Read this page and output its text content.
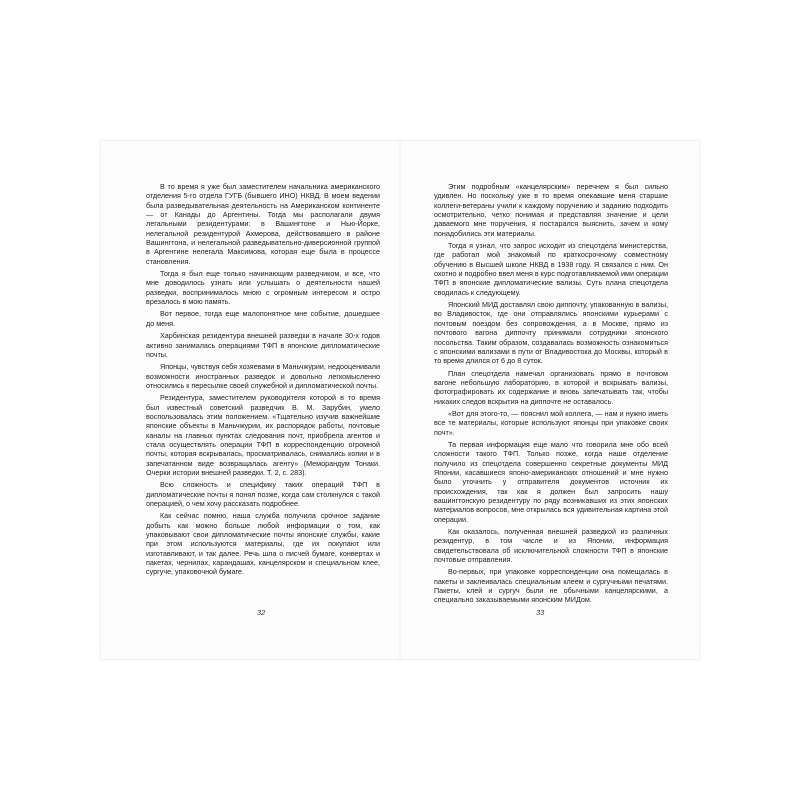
В то время я уже был заместителем начальника американского отделения 5-го отдела ГУГБ (бывшего ИНО) НКВД. В моем ведении была разведывательная деятельность на Американском континенте — от Канады до Аргентины. Тогда мы располагали двумя легальными резидентурами: в Вашингтоне и Нью-Йорке, нелегальной резидентурой Ахмерова, действовавшего в районе Вашингтона, и нелегальной разведывательно-диверсионной группой в Аргентине нелегала Максимова, которая еще была в процессе становления.

Тогда я был еще только начинающим разведчиком, и все, что мне доводилось узнать или услышать о деятельности нашей разведки, воспринималось мною с огромным интересом и остро врезалось в мою память.

Вот первое, тогда еще малопонятное мне событие, дошедшее до меня.

Харбинская резидентура внешней разведки в начале 30-х годов активно занималась операциями ТФП в японские дипломатические почты.

Японцы, чувствуя себя хозяевами в Маньчжурии, недооценивали возможности иностранных разведок и довольно легкомысленно относились к пересылке своей служебной и дипломатической почты.

Резидентура, заместителем руководителя которой в то время был известный советский разведчик В. М. Зарубин, умело воспользовалась этим положением. «Тщательно изучив важнейшие японские объекты в Маньчжурии, их распорядок работы, почтовые каналы на главных пунктах следования почт, приобрела агентов и стала осуществлять операции ТФП в корреспонденцию огромной почты, которая вскрывалась, просматривалась, снимались копии и в запечатанном виде возвращалась агенту» (Меморандум Тонаки. Очерки истории внешней разведки. Т. 2, с. 283).

Всю сложность и специфику таких операций ТФП в дипломатические почты я понял позже, когда сам столкнулся с такой операцией, о чем хочу рассказать подробнее.

Как сейчас помню, наша служба получила срочное задание добыть как можно больше любой информации о том, как упаковывают свои дипломатические почты японские службы, какие при этом используются материалы, где их покупают или изготавливают, и так далее. Речь шла о писчей бумаге, конвертах и пакетах, чернилах, карандашах, канцелярском и специальном клее, сургуче, упаковочной бумаге.

32

Этим подробным «канцелярским» перечнем я был сильно удивлен. Но поскольку уже в то время опекавшие меня старшие коллеги-ветераны учили к каждому поручению и заданию подходить осмотрительно, четко понимая и представляя значение и цели даваемого мне поручения, я постарался выяснить, зачем и кому понадобились эти материалы.

Тогда я узнал, что запрос исходит из спецотдела министерства, где работал мой знакомый по краткосрочному совместному обучению в Высшей школе НКВД в 1938 году. Я связался с ним. Он охотно и подробно ввел меня в курс подготавливаемой ими операции ТФП в японские дипломатические вализы. Суть плана спецотдела сводилась к следующему.

Японский МИД доставлял свою диппочту, упакованную в вализы, во Владивосток, где они отправлялись японскими курьерами с почтовым поездом без сопровождения, а в Москве, прямо из почтового вагона диппочту принимали сотрудники японского посольства. Таким образом, создавалась возможность ознакомиться с японскими вализами в пути от Владивостока до Москвы, который в то время длился от 6 до 8 суток.

План спецотдела намечал организовать прямо в почтовом вагоне небольшую лабораторию, в которой и вскрывать вализы, фотографировать их содержание и вновь запечатывать так, чтобы никаких следов вскрытия на диппочте не оставалось.

«Вот для этого-то, — пояснил мой коллега, — нам и нужно иметь все те материалы, которые используют японцы при упаковке своих почт».

Та первая информация еще мало что говорила мне обо всей сложности такого ТФП. Только позже, когда наше отделение получило из спецотдела совершенно секретные документы МИД Японии, касавшиеся японо-американских отношений и мне нужно было уточнить у отправителя документов источник их происхождения, так как я должен был запросить нашу вашингтонскую резидентуру по ряду возникавших из этих японских материалов вопросов, мне открылась вся удивительная картина этой операции.

Как оказалось, полученная внешней разведкой из различных резидентур, в том числе и из Японии, информация свидетельствовала об исключительной сложности ТФП в японские почтовые отправления.

Во-первых, при упаковке корреспонденции она помещалась в пакеты и заклеивалась специальным клеем и сургучными печатями. Пакеты, клей и сургуч были не обычными канцелярскими, а специально заказываемыми японским МИДом.

33
